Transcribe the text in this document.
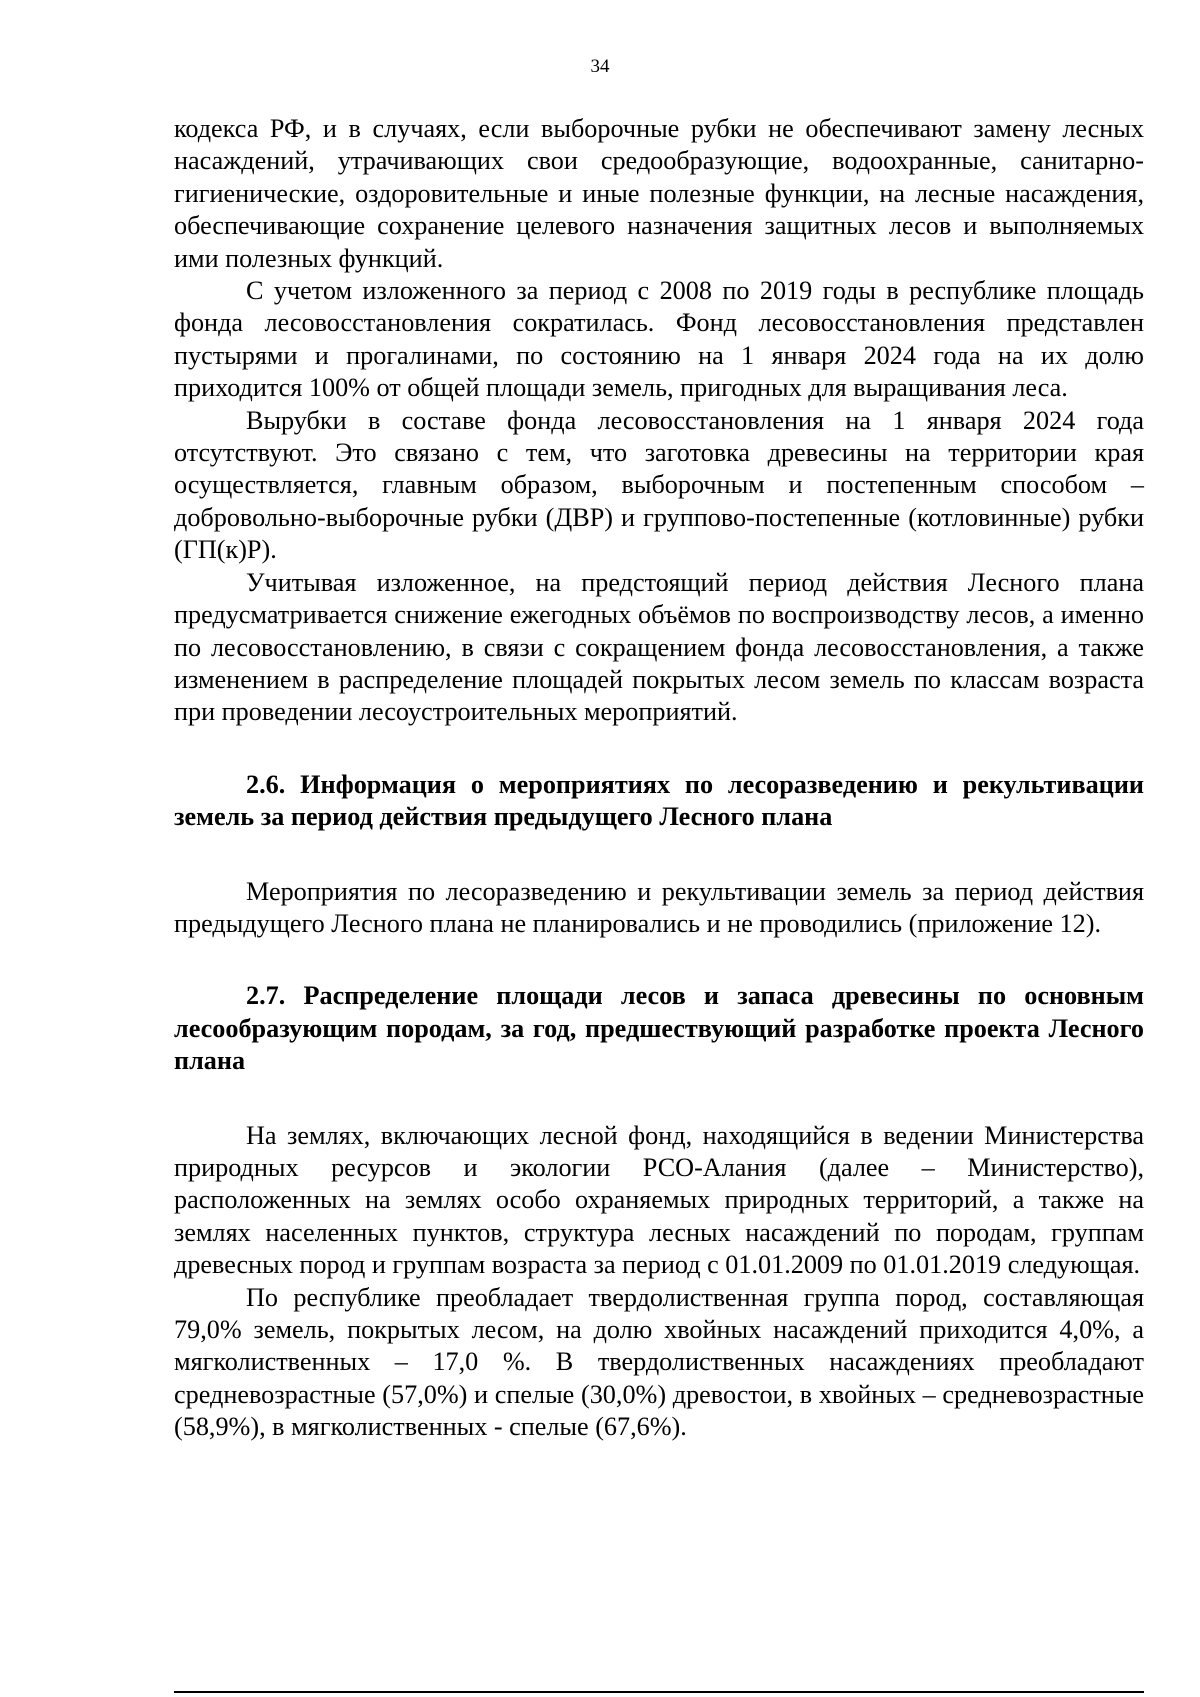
34

кодекса РФ, и в случаях, если выборочные рубки не обеспечивают замену лесных насаждений, утрачивающих свои средообразующие, водоохранные, санитарно-гигиенические, оздоровительные и иные полезные функции, на лесные насаждения, обеспечивающие сохранение целевого назначения защитных лесов и выполняемых ими полезных функций.

С учетом изложенного за период с 2008 по 2019 годы в республике площадь фонда лесовосстановления сократилась. Фонд лесовосстановления представлен пустырями и прогалинами, по состоянию на 1 января 2024 года на их долю приходится 100% от общей площади земель, пригодных для выращивания леса.

Вырубки в составе фонда лесовосстановления на 1 января 2024 года отсутствуют. Это связано с тем, что заготовка древесины на территории края осуществляется, главным образом, выборочным и постепенным способом – добровольно-выборочные рубки (ДВР) и группово-постепенные (котловинные) рубки (ГП(к)Р).

Учитывая изложенное, на предстоящий период действия Лесного плана предусматривается снижение ежегодных объёмов по воспроизводству лесов, а именно по лесовосстановлению, в связи с сокращением фонда лесовосстановления, а также изменением в распределение площадей покрытых лесом земель по классам возраста при проведении лесоустроительных мероприятий.

2.6. Информация о мероприятиях по лесоразведению и рекультивации земель за период действия предыдущего Лесного плана

Мероприятия по лесоразведению и рекультивации земель за период действия предыдущего Лесного плана не планировались и не проводились (приложение 12).

2.7. Распределение площади лесов и запаса древесины по основным лесообразующим породам, за год, предшествующий разработке проекта Лесного плана

На землях, включающих лесной фонд, находящийся в ведении Министерства природных ресурсов и экологии РСО-Алания (далее – Министерство), расположенных на землях особо охраняемых природных территорий, а также на землях населенных пунктов, структура лесных насаждений по породам, группам древесных пород и группам возраста за период с 01.01.2009 по 01.01.2019 следующая.

По республике преобладает твердолиственная группа пород, составляющая 79,0% земель, покрытых лесом, на долю хвойных насаждений приходится 4,0%, а мягколиственных – 17,0 %. В твердолиственных насаждениях преобладают средневозрастные (57,0%) и спелые (30,0%) древостои, в хвойных – средневозрастные (58,9%), в мягколиственных - спелые (67,6%).
